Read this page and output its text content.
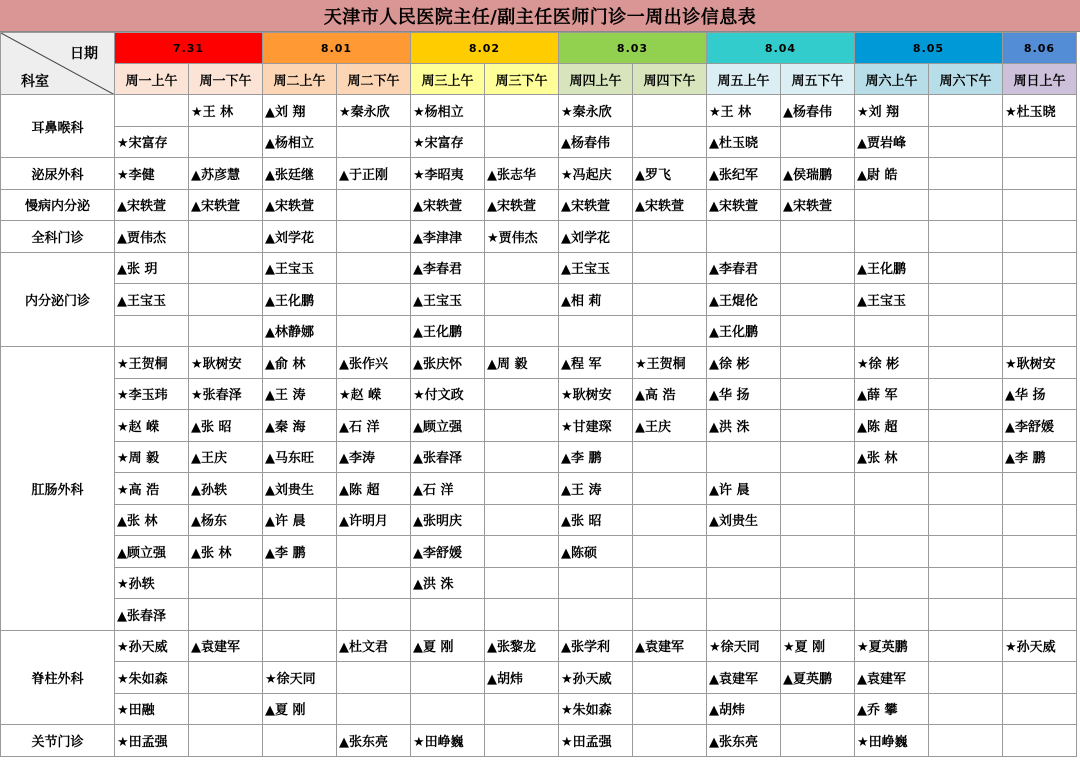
天津市人民医院主任/副主任医师门诊一周出诊信息表
日期
科室	7.31		8.01		8.02		8.03		8.04		8.05		8.06
	周一上午	周一下午	周二上午	周二下午	周三上午	周三下午	周四上午	周四下午	周五上午	周五下午	周六上午	周六下午	周日上午
耳鼻喉科		★王 林	▲刘 翔	★秦永欣	★杨相立		★秦永欣		★王 林	▲杨春伟	★刘 翔		★杜玉晓
	★宋富存		▲杨相立		★宋富存		▲杨春伟		▲杜玉晓		▲贾岩峰		
泌尿外科	★李健	▲苏彦慧	▲张廷继	▲于正刚	★李昭夷	▲张志华	★冯起庆	▲罗飞	▲张纪军	▲侯瑞鹏	▲尉 皓		
慢病内分泌	▲宋轶萱	▲宋轶萱	▲宋轶萱		▲宋轶萱	▲宋轶萱	▲宋轶萱	▲宋轶萱	▲宋轶萱	▲宋轶萱			
全科门诊	▲贾伟杰		▲刘学花		▲李津津	★贾伟杰	▲刘学花						
内分泌门诊	▲张 玥		▲王宝玉		▲李春君		▲王宝玉		▲李春君		▲王化鹏		
	▲王宝玉		▲王化鹏		▲王宝玉		▲相 莉		▲王焜伦		▲王宝玉		
			▲林静娜		▲王化鹏				▲王化鹏				
肛肠外科	★王贺桐	★耿树安	▲俞 林	▲张作兴	▲张庆怀	▲周 毅	▲程 军	★王贺桐	▲徐 彬		★徐 彬		★耿树安
	★李玉玮	★张春泽	▲王 涛	★赵 嵘	★付文政		★耿树安	▲高 浩	▲华 扬		▲薛 军		▲华 扬
	★赵 嵘	▲张 昭	▲秦 海	▲石 洋	▲顾立强		★甘建琛	▲王庆	▲洪 洙		▲陈 超		▲李舒媛
	★周 毅	▲王庆	▲马东旺	▲李涛	▲张春泽		▲李 鹏				▲张 林		▲李 鹏
	★高 浩	▲孙轶	▲刘贵生	▲陈 超	▲石 洋		▲王 涛		▲许 晨				
	▲张 林	▲杨东	▲许 晨	▲许明月	▲张明庆		▲张 昭		▲刘贵生				
	▲顾立强	▲张 林	▲李 鹏		▲李舒媛		▲陈硕						
	★孙轶				▲洪 洙								
	▲张春泽												
脊柱外科	★孙天威	▲袁建军		▲杜文君	▲夏 刚	▲张黎龙	▲张学利	▲袁建军	★徐天同	★夏 刚	★夏英鹏		★孙天威
	★朱如森		★徐天同			▲胡炜	★孙天威		▲袁建军	▲夏英鹏	▲袁建军		
	★田融		▲夏 刚				★朱如森		▲胡炜		▲乔 攀		
关节门诊	★田孟强			▲张东亮	★田峥巍		★田孟强		▲张东亮		★田峥巍		
